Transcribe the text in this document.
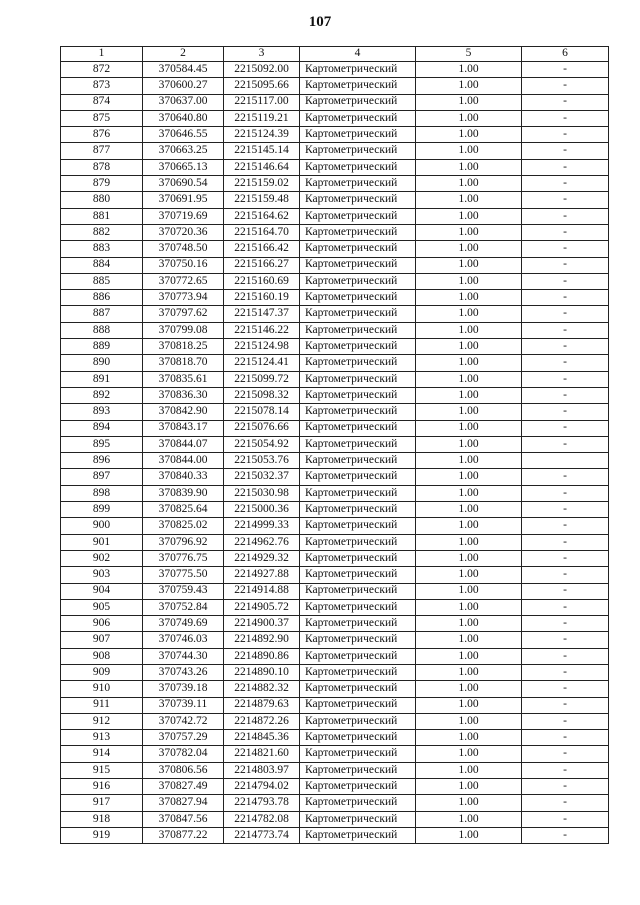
107
1	2	3	4	5	6
872	370584.45	2215092.00	Картометрический	1.00	-
873	370600.27	2215095.66	Картометрический	1.00	-
874	370637.00	2215117.00	Картометрический	1.00	-
875	370640.80	2215119.21	Картометрический	1.00	-
876	370646.55	2215124.39	Картометрический	1.00	-
877	370663.25	2215145.14	Картометрический	1.00	-
878	370665.13	2215146.64	Картометрический	1.00	-
879	370690.54	2215159.02	Картометрический	1.00	-
880	370691.95	2215159.48	Картометрический	1.00	-
881	370719.69	2215164.62	Картометрический	1.00	-
882	370720.36	2215164.70	Картометрический	1.00	-
883	370748.50	2215166.42	Картометрический	1.00	-
884	370750.16	2215166.27	Картометрический	1.00	-
885	370772.65	2215160.69	Картометрический	1.00	-
886	370773.94	2215160.19	Картометрический	1.00	-
887	370797.62	2215147.37	Картометрический	1.00	-
888	370799.08	2215146.22	Картометрический	1.00	-
889	370818.25	2215124.98	Картометрический	1.00	-
890	370818.70	2215124.41	Картометрический	1.00	-
891	370835.61	2215099.72	Картометрический	1.00	-
892	370836.30	2215098.32	Картометрический	1.00	-
893	370842.90	2215078.14	Картометрический	1.00	-
894	370843.17	2215076.66	Картометрический	1.00	-
895	370844.07	2215054.92	Картометрический	1.00	-
896	370844.00	2215053.76	Картометрический	1.00	
897	370840.33	2215032.37	Картометрический	1.00	-
898	370839.90	2215030.98	Картометрический	1.00	-
899	370825.64	2215000.36	Картометрический	1.00	-
900	370825.02	2214999.33	Картометрический	1.00	-
901	370796.92	2214962.76	Картометрический	1.00	-
902	370776.75	2214929.32	Картометрический	1.00	-
903	370775.50	2214927.88	Картометрический	1.00	-
904	370759.43	2214914.88	Картометрический	1.00	-
905	370752.84	2214905.72	Картометрический	1.00	-
906	370749.69	2214900.37	Картометрический	1.00	-
907	370746.03	2214892.90	Картометрический	1.00	-
908	370744.30	2214890.86	Картометрический	1.00	-
909	370743.26	2214890.10	Картометрический	1.00	-
910	370739.18	2214882.32	Картометрический	1.00	-
911	370739.11	2214879.63	Картометрический	1.00	-
912	370742.72	2214872.26	Картометрический	1.00	-
913	370757.29	2214845.36	Картометрический	1.00	-
914	370782.04	2214821.60	Картометрический	1.00	-
915	370806.56	2214803.97	Картометрический	1.00	-
916	370827.49	2214794.02	Картометрический	1.00	-
917	370827.94	2214793.78	Картометрический	1.00	-
918	370847.56	2214782.08	Картометрический	1.00	-
919	370877.22	2214773.74	Картометрический	1.00	-
